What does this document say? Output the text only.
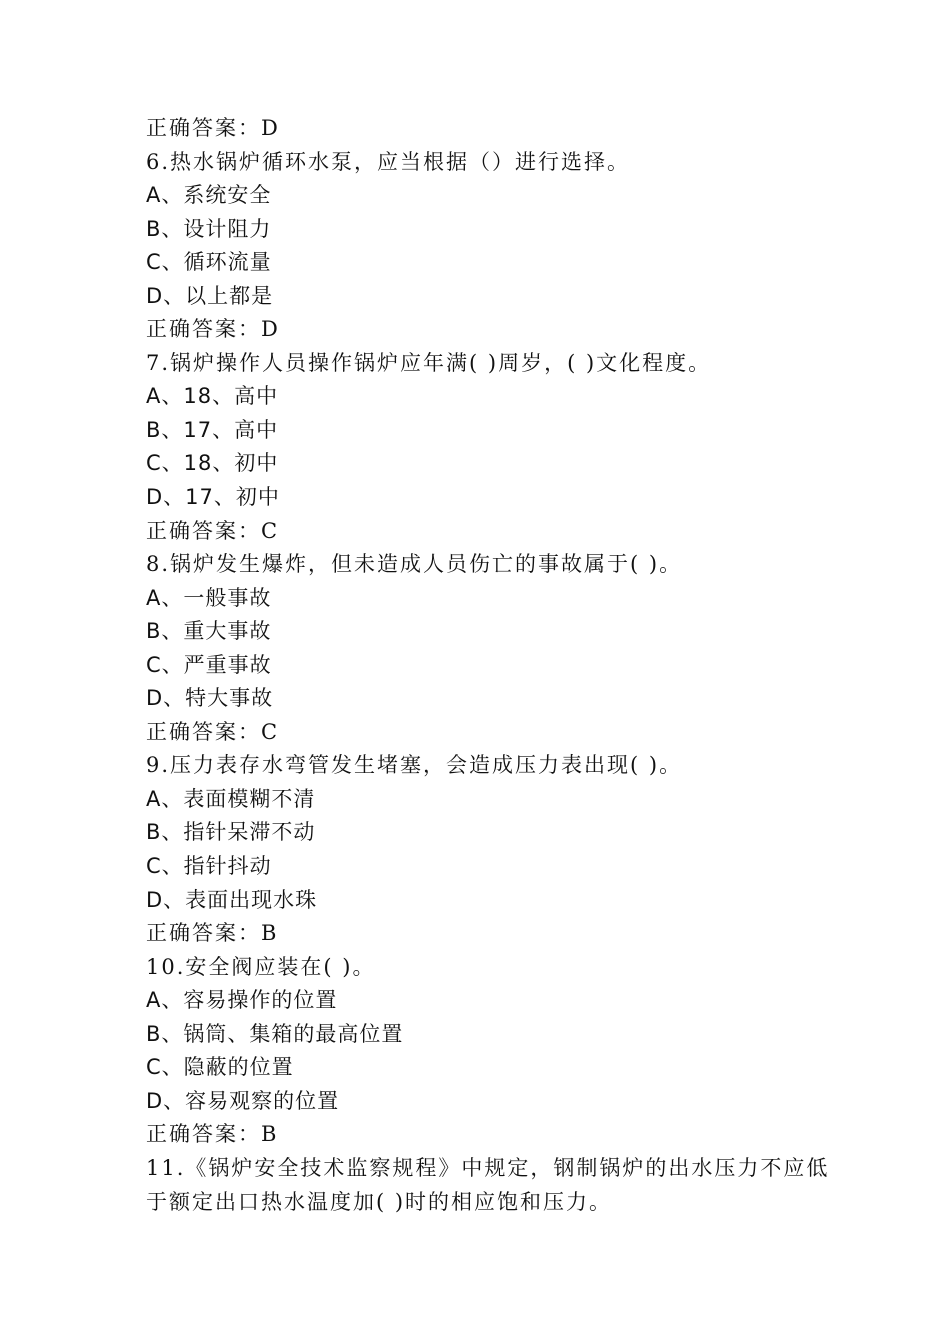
正确答案：D
6.热水锅炉循环水泵，应当根据（）进行选择。
A、系统安全
B、设计阻力
C、循环流量
D、以上都是
正确答案：D
7.锅炉操作人员操作锅炉应年满( )周岁，( )文化程度。
A、18、高中
B、17、高中
C、18、初中
D、17、初中
正确答案：C
8.锅炉发生爆炸，但未造成人员伤亡的事故属于( )。
A、一般事故
B、重大事故
C、严重事故
D、特大事故
正确答案：C
9.压力表存水弯管发生堵塞，会造成压力表出现( )。
A、表面模糊不清
B、指针呆滞不动
C、指针抖动
D、表面出现水珠
正确答案：B
10.安全阀应装在( )。
A、容易操作的位置
B、锅筒、集箱的最高位置
C、隐蔽的位置
D、容易观察的位置
正确答案：B
11.《锅炉安全技术监察规程》中规定，钢制锅炉的出水压力不应低
于额定出口热水温度加( )时的相应饱和压力。
